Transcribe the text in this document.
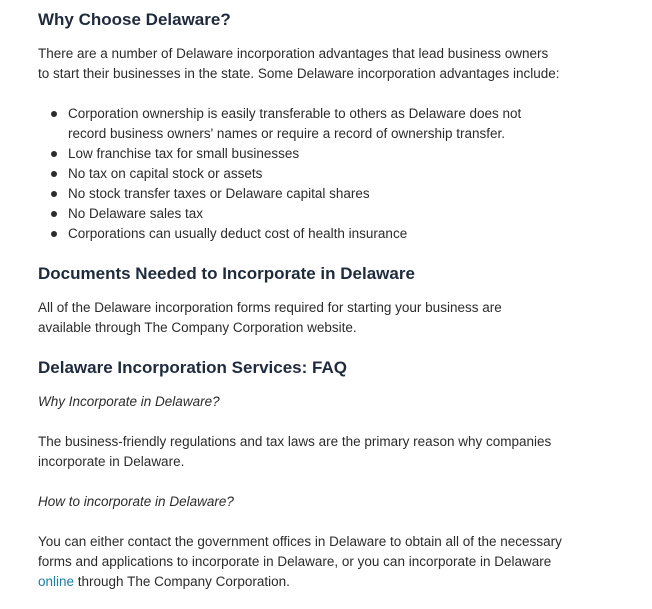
Why Choose Delaware?

There are a number of Delaware incorporation advantages that lead business owners
to start their businesses in the state. Some Delaware incorporation advantages include:

Corporation ownership is easily transferable to others as Delaware does not
record business owners' names or require a record of ownership transfer.
Low franchise tax for small businesses
No tax on capital stock or assets
No stock transfer taxes or Delaware capital shares
No Delaware sales tax
Corporations can usually deduct cost of health insurance
Documents Needed to Incorporate in Delaware

All of the Delaware incorporation forms required for starting your business are
available through The Company Corporation website.

Delaware Incorporation Services: FAQ

Why Incorporate in Delaware?

The business-friendly regulations and tax laws are the primary reason why companies
incorporate in Delaware.

How to incorporate in Delaware?

You can either contact the government offices in Delaware to obtain all of the necessary
forms and applications to incorporate in Delaware, or you can incorporate in Delaware
online through The Company Corporation.
